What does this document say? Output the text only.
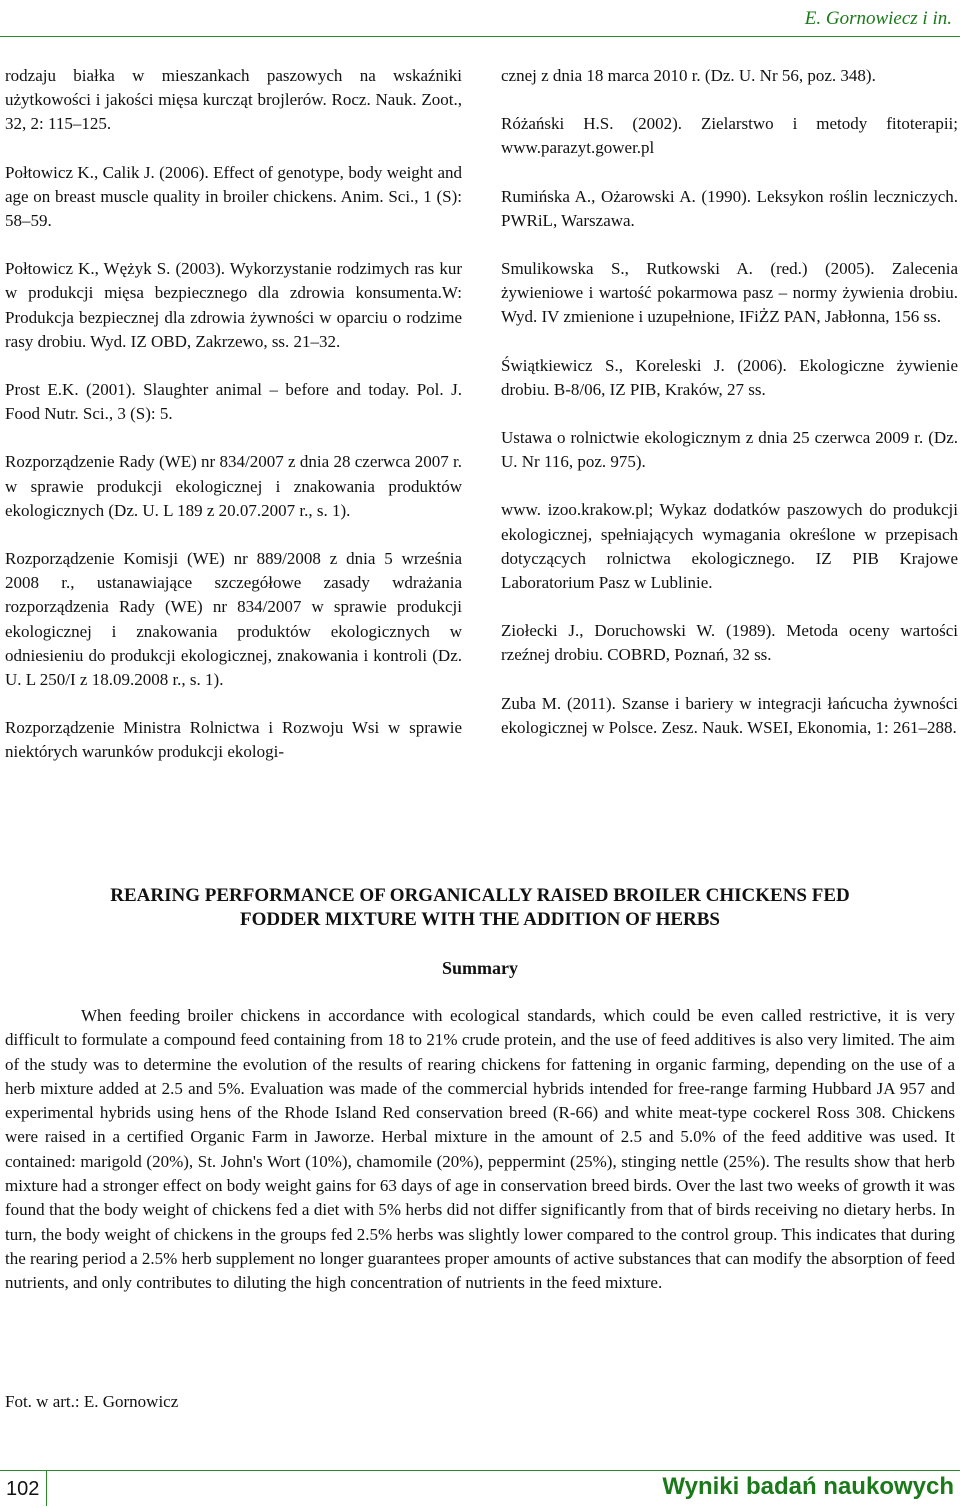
E. Gornowiecz i in.

rodzaju białka w mieszankach paszowych na wskaźniki użytkowości i jakości mięsa kurcząt brojlerów. Rocz. Nauk. Zoot., 32, 2: 115–125.

Połtowicz K., Calik J. (2006). Effect of genotype, body weight and age on breast muscle quality in broiler chickens. Anim. Sci., 1 (S): 58–59.

Połtowicz K., Wężyk S. (2003). Wykorzystanie rodzimych ras kur w produkcji mięsa bezpiecznego dla zdrowia konsumenta.W: Produkcja bezpiecznej dla zdrowia żywności w oparciu o rodzime rasy drobiu. Wyd. IZ OBD, Zakrzewo, ss. 21–32.

Prost E.K. (2001). Slaughter animal – before and today. Pol. J. Food Nutr. Sci., 3 (S): 5.

Rozporządzenie Rady (WE) nr 834/2007 z dnia 28 czerwca 2007 r. w sprawie produkcji ekologicznej i znakowania produktów ekologicznych (Dz. U. L 189 z 20.07.2007 r., s. 1).

Rozporządzenie Komisji (WE) nr 889/2008 z dnia 5 września 2008 r., ustanawiające szczegółowe zasady wdrażania rozporządzenia Rady (WE) nr 834/2007 w sprawie produkcji ekologicznej i znakowania produktów ekologicznych w odniesieniu do produkcji ekologicznej, znakowania i kontroli (Dz. U. L 250/I z 18.09.2008 r., s. 1).

Rozporządzenie Ministra Rolnictwa i Rozwoju Wsi w sprawie niektórych warunków produkcji ekologi-

cznej z dnia 18 marca 2010 r. (Dz. U. Nr 56, poz. 348).

Różański H.S. (2002). Zielarstwo i metody fitoterapii; www.parazyt.gower.pl

Rumińska A., Ożarowski A. (1990). Leksykon roślin leczniczych. PWRiL, Warszawa.

Smulikowska S., Rutkowski A. (red.) (2005). Zalecenia żywieniowe i wartość pokarmowa pasz – normy żywienia drobiu. Wyd. IV zmienione i uzupełnione, IFiŻZ PAN, Jabłonna, 156 ss.

Świątkiewicz S., Koreleski J. (2006). Ekologiczne żywienie drobiu. B-8/06, IZ PIB, Kraków, 27 ss.

Ustawa o rolnictwie ekologicznym z dnia 25 czerwca 2009 r. (Dz. U. Nr 116, poz. 975).

www. izoo.krakow.pl; Wykaz dodatków paszowych do produkcji ekologicznej, spełniających wymagania określone w przepisach dotyczących rolnictwa ekologicznego. IZ PIB Krajowe Laboratorium Pasz w Lublinie.

Ziołecki J., Doruchowski W. (1989). Metoda oceny wartości rzeźnej drobiu. COBRD, Poznań, 32 ss.

Zuba M. (2011). Szanse i bariery w integracji łańcucha żywności ekologicznej w Polsce. Zesz. Nauk. WSEI, Ekonomia, 1: 261–288.

REARING PERFORMANCE OF ORGANICALLY RAISED BROILER CHICKENS FED
FODDER MIXTURE WITH THE ADDITION OF HERBS
Summary

When feeding broiler chickens in accordance with ecological standards, which could be even called restrictive, it is very difficult to formulate a compound feed containing from 18 to 21% crude protein, and the use of feed additives is also very limited. The aim of the study was to determine the evolution of the results of rearing chickens for fattening in organic farming, depending on the use of a herb mixture added at 2.5 and 5%. Evaluation was made of the commercial hybrids intended for free-range farming Hubbard JA 957 and experimental hybrids using hens of the Rhode Island Red conservation breed (R-66) and white meat-type cockerel Ross 308. Chickens were raised in a certified Organic Farm in Jaworze. Herbal mixture in the amount of 2.5 and 5.0% of the feed additive was used. It contained: marigold (20%), St. John's Wort (10%), chamomile (20%), peppermint (25%), stinging nettle (25%). The results show that herb mixture had a stronger effect on body weight gains for 63 days of age in conservation breed birds. Over the last two weeks of growth it was found that the body weight of chickens fed a diet with 5% herbs did not differ significantly from that of birds receiving no dietary herbs. In turn, the body weight of chickens in the groups fed 2.5% herbs was slightly lower compared to the control group. This indicates that during the rearing period a 2.5% herb supplement no longer guarantees proper amounts of active substances that can modify the absorption of feed nutrients, and only contributes to diluting the high concentration of nutrients in the feed mixture.

Fot. w art.: E. Gornowicz
102	Wyniki badań naukowych
